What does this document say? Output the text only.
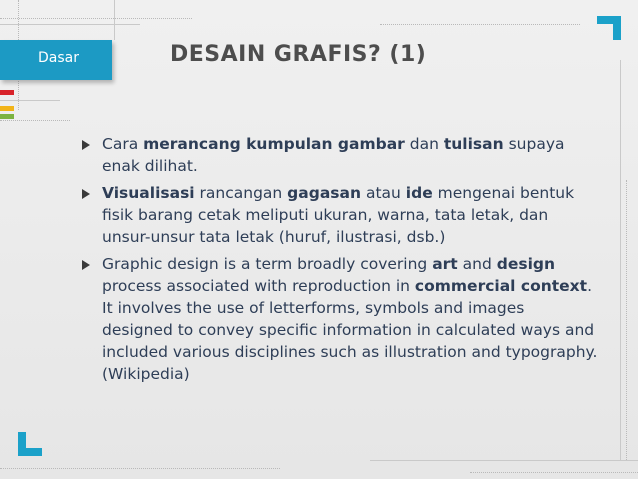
Dasar	DESAIN GRAFIS? (1)
Cara merancang kumpulan gambar dan tulisan supaya enak dilihat.
Visualisasi rancangan gagasan atau ide mengenai bentuk fisik barang cetak meliputi ukuran, warna, tata letak, dan unsur-unsur tata letak (huruf, ilustrasi, dsb.)
Graphic design is a term broadly covering art and design process associated with reproduction in commercial context. It involves the use of letterforms, symbols and images designed to convey specific information in calculated ways and included various disciplines such as illustration and typography. (Wikipedia)
